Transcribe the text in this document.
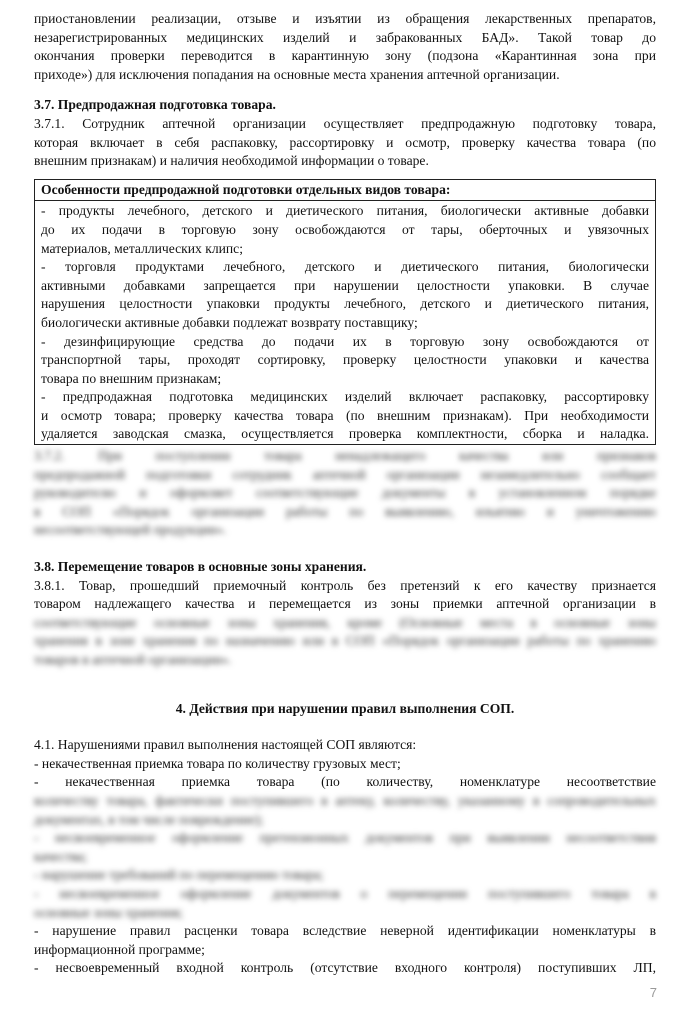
приостановлении реализации, отзыве и изъятии из обращения лекарственных препаратов,

незарегистрированных медицинских изделий и забракованных БАД». Такой товар до

окончания проверки переводится в карантинную зону (подзона «Карантинная зона при

приходе») для исключения попадания на основные места хранения аптечной организации.

3.7. Предпродажная подготовка товара.

3.7.1. Сотрудник аптечной организации осуществляет предпродажную подготовку товара,

которая включает в себя распаковку, рассортировку и осмотр, проверку качества товара (по

внешним признакам) и наличия необходимой информации о товаре.

Особенности предпродажной подготовки отдельных видов товара:

- продукты лечебного, детского и диетического питания, биологически активные добавки

до их подачи в торговую зону освобождаются от тары, оберточных и увязочных

материалов, металлических клипс;

- торговля продуктами лечебного, детского и диетического питания, биологически

активными добавками запрещается при нарушении целостности упаковки. В случае

нарушения целостности упаковки продукты лечебного, детского и диетического питания,

биологически активные добавки подлежат возврату поставщику;

- дезинфицирующие средства до подачи их в торговую зону освобождаются от

транспортной тары, проходят сортировку, проверку целостности упаковки и качества

товара по внешним признакам;

- предпродажная подготовка медицинских изделий включает распаковку, рассортировку

и осмотр товара; проверку качества товара (по внешним признакам). При необходимости

удаляется заводская смазка, осуществляется проверка комплектности, сборка и наладка.

3.7.2. При поступлении товара ненадлежащего качества или признаков

предпродажной подготовки сотрудник аптечной организации незамедлительно сообщает

руководителю и оформляет соответствующие документы в установленном порядке

в СОП «Порядок организации работы по выявлению, изъятию и уничтожению

несоответствующей продукции».

3.8. Перемещение товаров в основные зоны хранения.

3.8.1. Товар, прошедший приемочный контроль без претензий к его качеству признается

товаром надлежащего качества и перемещается из зоны приемки аптечной организации в

соответствующие основные зоны хранения, кроме (Основные места в основные зоны

хранения в зоне хранения по назначению или в СОП «Порядок организации работы по хранению

товаров в аптечной организации».

4. Действия при нарушении правил выполнения СОП.

4.1. Нарушениями правил выполнения настоящей СОП являются:

- некачественная приемка товара по количеству грузовых мест;

- некачественная приемка товара (по количеству, номенклатуре несоответствие

количеству товара, фактически поступившего в аптеку, количеству, указанному в сопроводительных

документах, в том числе повреждение);

- несвоевременное оформление претензионных документов при выявлении несоответствия

качества;

- нарушение требований по перемещению товара;

- несвоевременное оформление документов о перемещении поступившего товара в

основные зоны хранения;

- нарушение правил расценки товара вследствие неверной идентификации номенклатуры в

информационной программе;

- несвоевременный входной контроль (отсутствие входного контроля) поступивших ЛП,

7
